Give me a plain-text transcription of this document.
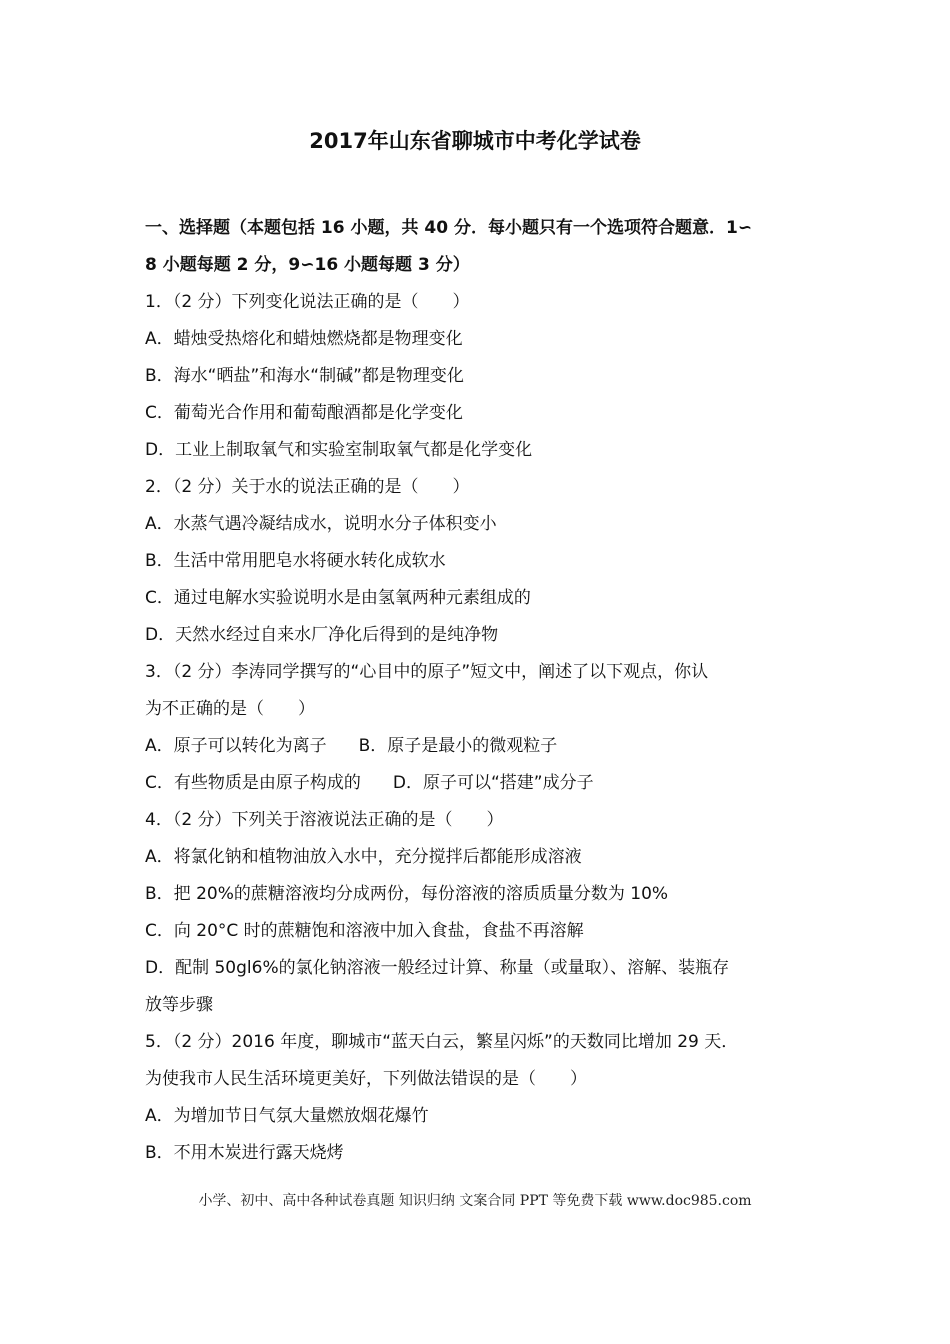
2017年山东省聊城市中考化学试卷
一、选择题（本题包括 16 小题，共 40 分．每小题只有一个选项符合题意．1∽
8 小题每题 2 分，9∽16 小题每题 3 分）
1．（2 分）下列变化说法正确的是（　　）
A．蜡烛受热熔化和蜡烛燃烧都是物理变化
B．海水“晒盐”和海水“制碱”都是物理变化
C．葡萄光合作用和葡萄酿酒都是化学变化
D．工业上制取氧气和实验室制取氧气都是化学变化
2．（2 分）关于水的说法正确的是（　　）
A．水蒸气遇冷凝结成水，说明水分子体积变小
B．生活中常用肥皂水将硬水转化成软水
C．通过电解水实验说明水是由氢氧两种元素组成的
D．天然水经过自来水厂净化后得到的是纯净物
3．（2 分）李涛同学撰写的“心目中的原子”短文中，阐述了以下观点，你认
为不正确的是（　　）
A．原子可以转化为离子 B．原子是最小的微观粒子
C．有些物质是由原子构成的 D．原子可以“搭建”成分子
4．（2 分）下列关于溶液说法正确的是（　　）
A．将氯化钠和植物油放入水中，充分搅拌后都能形成溶液
B．把 20%的蔗糖溶液均分成两份，每份溶液的溶质质量分数为 10%
C．向 20°C 时的蔗糖饱和溶液中加入食盐，食盐不再溶解
D．配制 50gl6%的氯化钠溶液一般经过计算、称量（或量取）、溶解、装瓶存
放等步骤
5．（2 分）2016 年度，聊城市“蓝天白云，繁星闪烁”的天数同比增加 29 天．
为使我市人民生活环境更美好，下列做法错误的是（　　）
A．为增加节日气氛大量燃放烟花爆竹
B．不用木炭进行露天烧烤
小学、初中、高中各种试卷真题 知识归纳 文案合同 PPT 等免费下载 www.doc985.com
